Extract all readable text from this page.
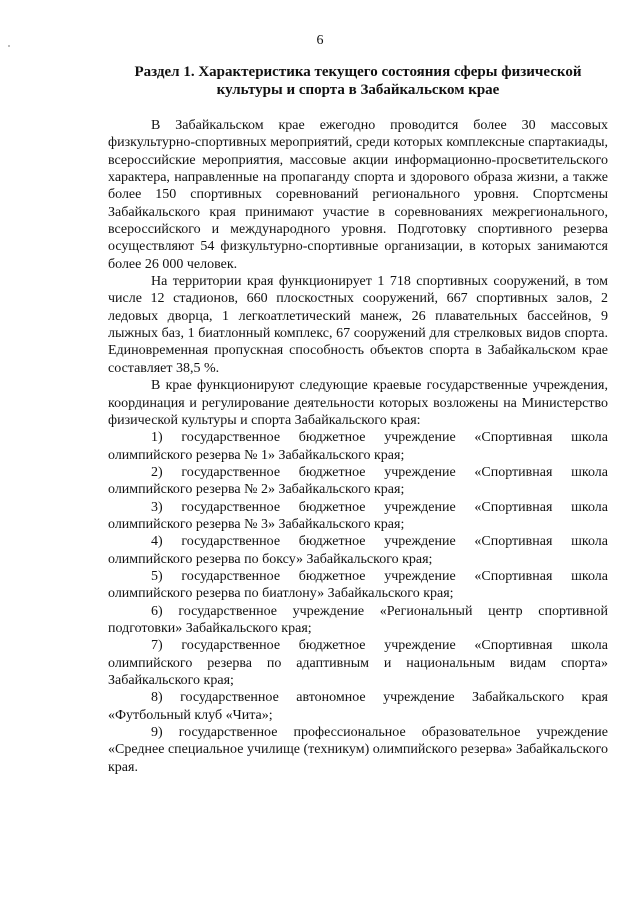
6
Раздел 1. Характеристика текущего состояния сферы физической культуры и спорта в Забайкальском крае

В Забайкальском крае ежегодно проводится более 30 массовых физкультурно-спортивных мероприятий, среди которых комплексные спартакиады, всероссийские мероприятия, массовые акции информационно-просветительского характера, направленные на пропаганду спорта и здорового образа жизни, а также более 150 спортивных соревнований регионального уровня. Спортсмены Забайкальского края принимают участие в соревнованиях межрегионального, всероссийского и международного уровня. Подготовку спортивного резерва осуществляют 54 физкультурно-спортивные организации, в которых занимаются более 26 000 человек.

На территории края функционирует 1 718 спортивных сооружений, в том числе 12 стадионов, 660 плоскостных сооружений, 667 спортивных залов, 2 ледовых дворца, 1 легкоатлетический манеж, 26 плавательных бассейнов, 9 лыжных баз, 1 биатлонный комплекс, 67 сооружений для стрелковых видов спорта. Единовременная пропускная способность объектов спорта в Забайкальском крае составляет 38,5 %.

В крае функционируют следующие краевые государственные учреждения, координация и регулирование деятельности которых возложены на Министерство физической культуры и спорта Забайкальского края:

1) государственное бюджетное учреждение «Спортивная школа олимпийского резерва № 1» Забайкальского края;

2) государственное бюджетное учреждение «Спортивная школа олимпийского резерва № 2» Забайкальского края;

3) государственное бюджетное учреждение «Спортивная школа олимпийского резерва № 3» Забайкальского края;

4) государственное бюджетное учреждение «Спортивная школа олимпийского резерва по боксу» Забайкальского края;

5) государственное бюджетное учреждение «Спортивная школа олимпийского резерва по биатлону» Забайкальского края;

6) государственное учреждение «Региональный центр спортивной подготовки» Забайкальского края;

7) государственное бюджетное учреждение «Спортивная школа олимпийского резерва по адаптивным и национальным видам спорта» Забайкальского края;

8) государственное автономное учреждение Забайкальского края «Футбольный клуб «Чита»;

9) государственное профессиональное образовательное учреждение «Среднее специальное училище (техникум) олимпийского резерва» Забайкальского края.
